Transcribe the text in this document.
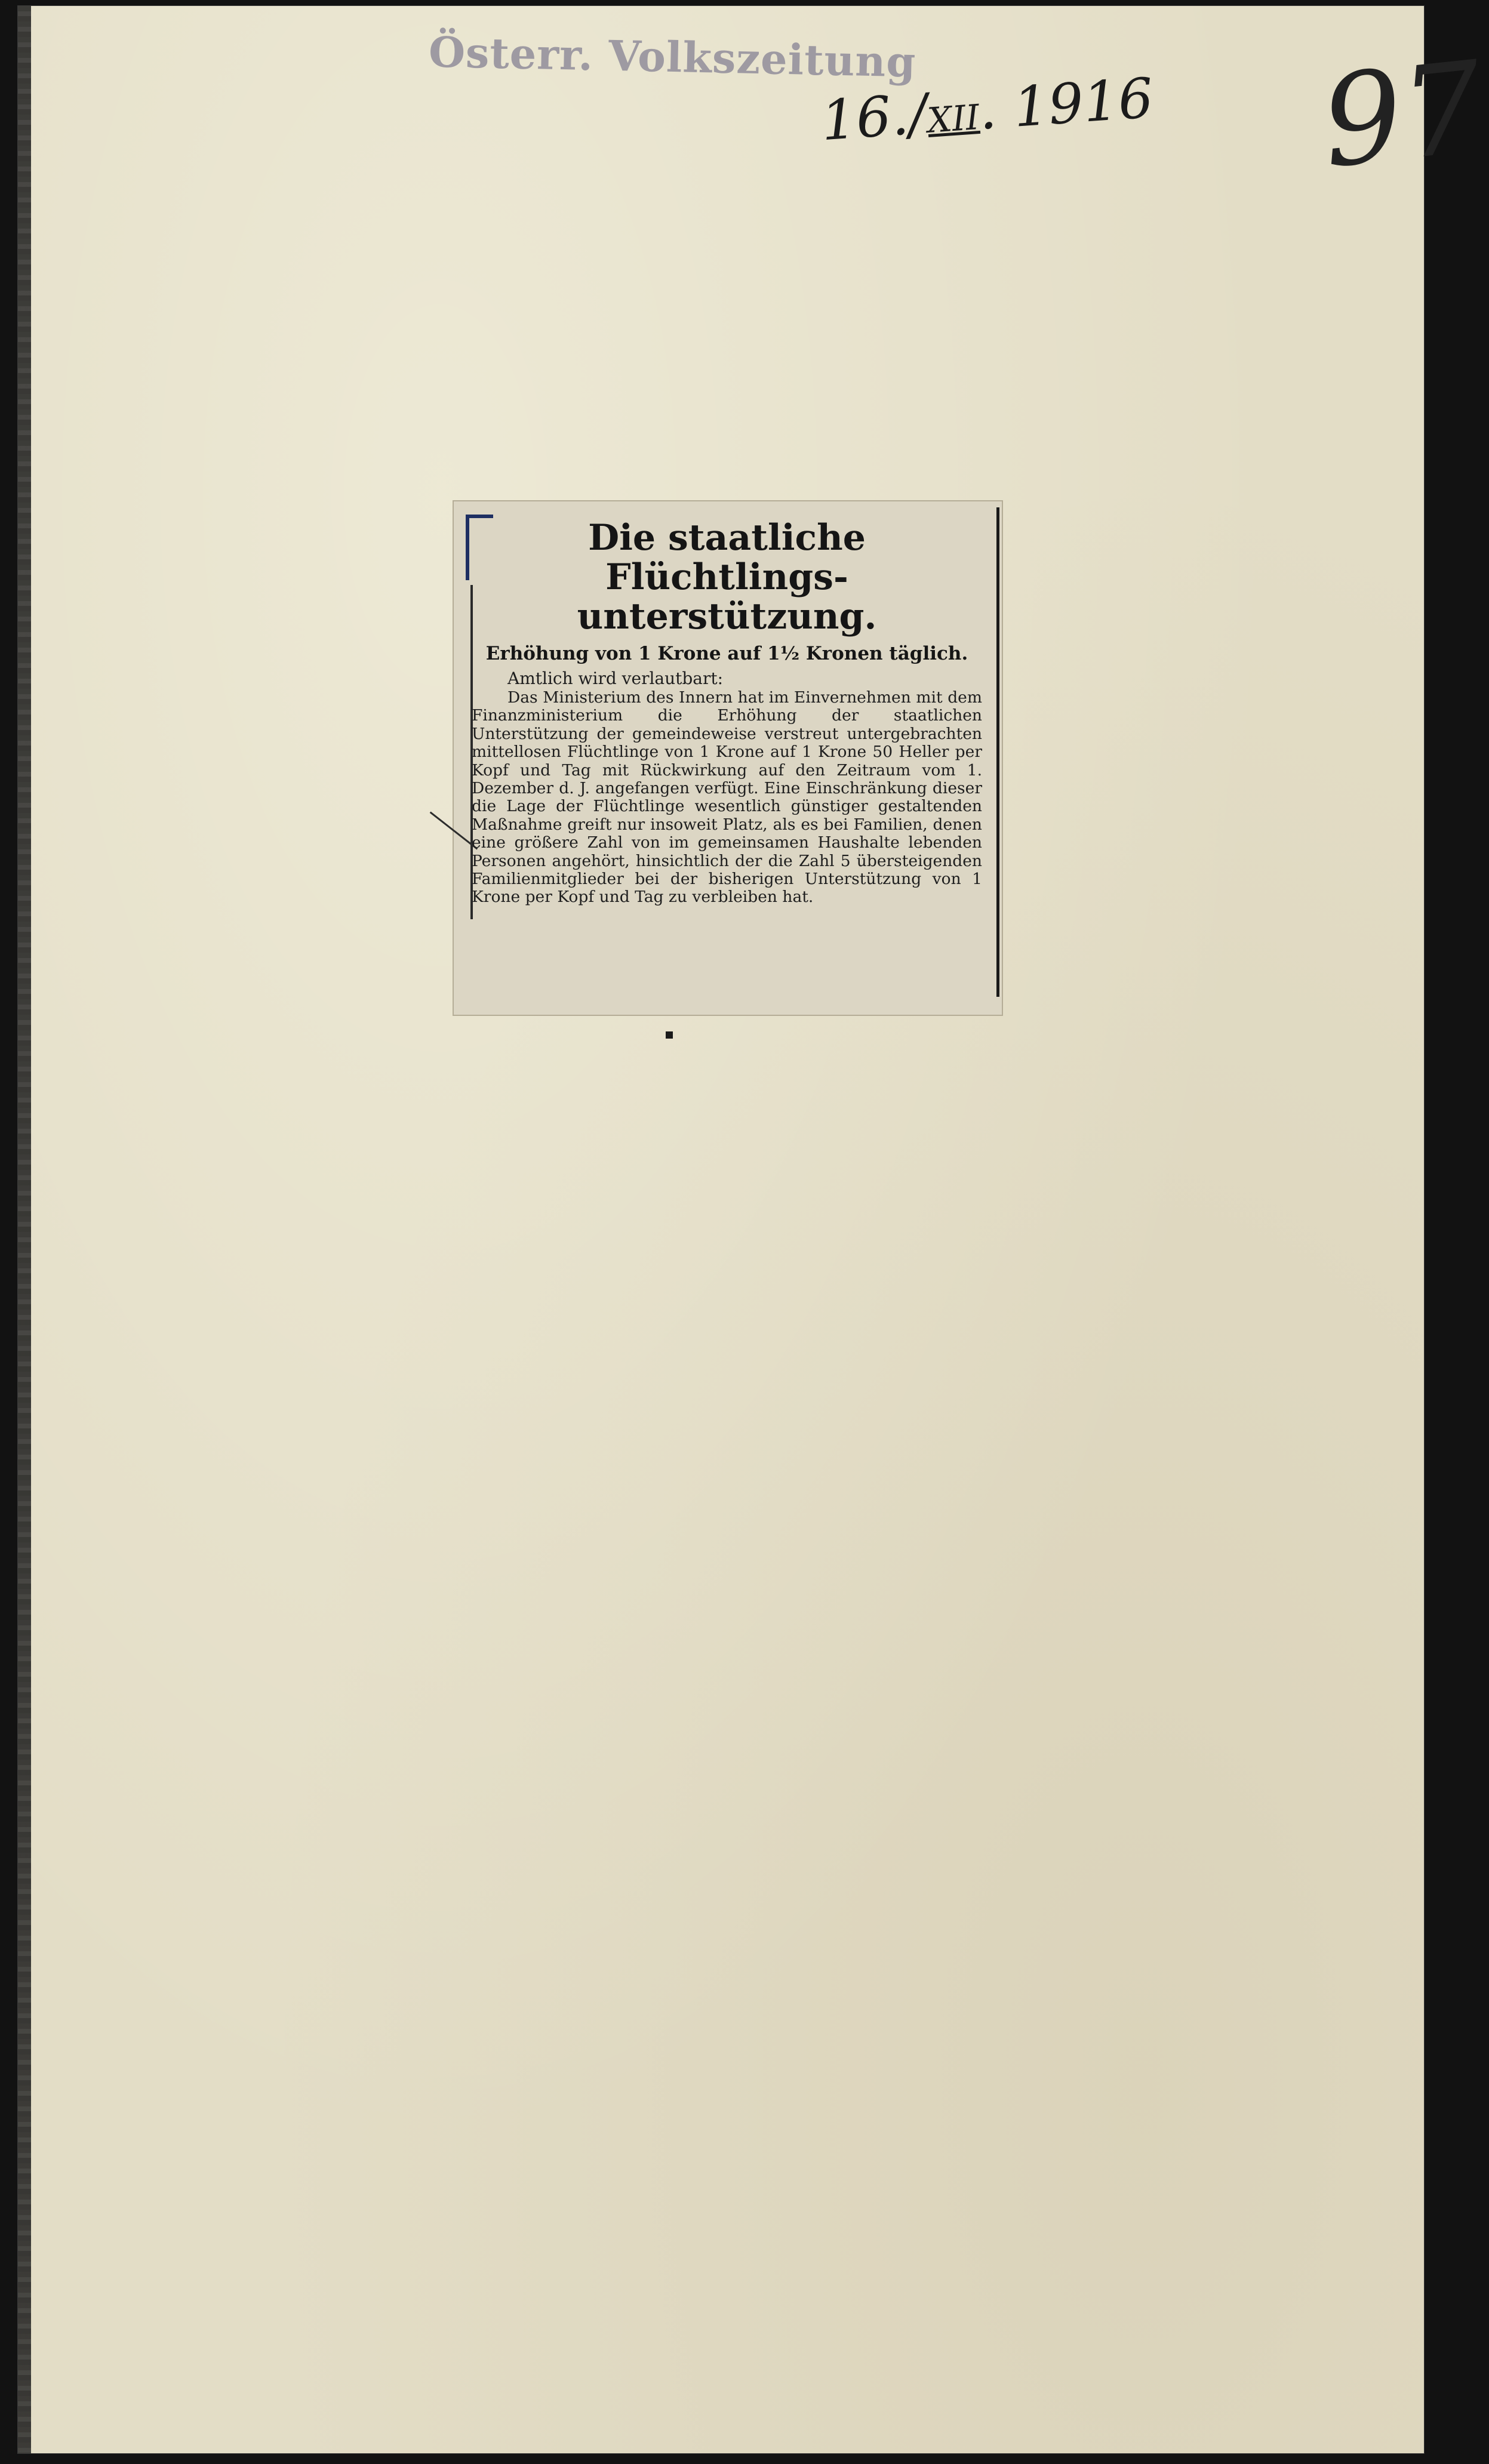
Österr. Volkszeitung
16./XII. 1916 97
Die staatliche Flüchtlings-unterstützung.

Erhöhung von 1 Krone auf 1½ Kronen täglich.

Amtlich wird verlautbart:

Das Ministerium des Innern hat im Einvernehmen mit dem Finanzministerium die Erhöhung der staatlichen Unterstützung der gemeindeweise verstreut untergebrachten mittellosen Flüchtlinge von 1 Krone auf 1 Krone 50 Heller per Kopf und Tag mit Rückwirkung auf den Zeitraum vom 1. Dezember d. J. angefangen verfügt. Eine Einschränkung dieser die Lage der Flüchtlinge wesentlich günstiger gestaltenden Maßnahme greift nur insoweit Platz, als es bei Familien, denen eine größere Zahl von im gemeinsamen Haushalte lebenden Personen angehört, hinsichtlich der die Zahl 5 übersteigenden Familienmitglieder bei der bisherigen Unterstützung von 1 Krone per Kopf und Tag zu verbleiben hat.
